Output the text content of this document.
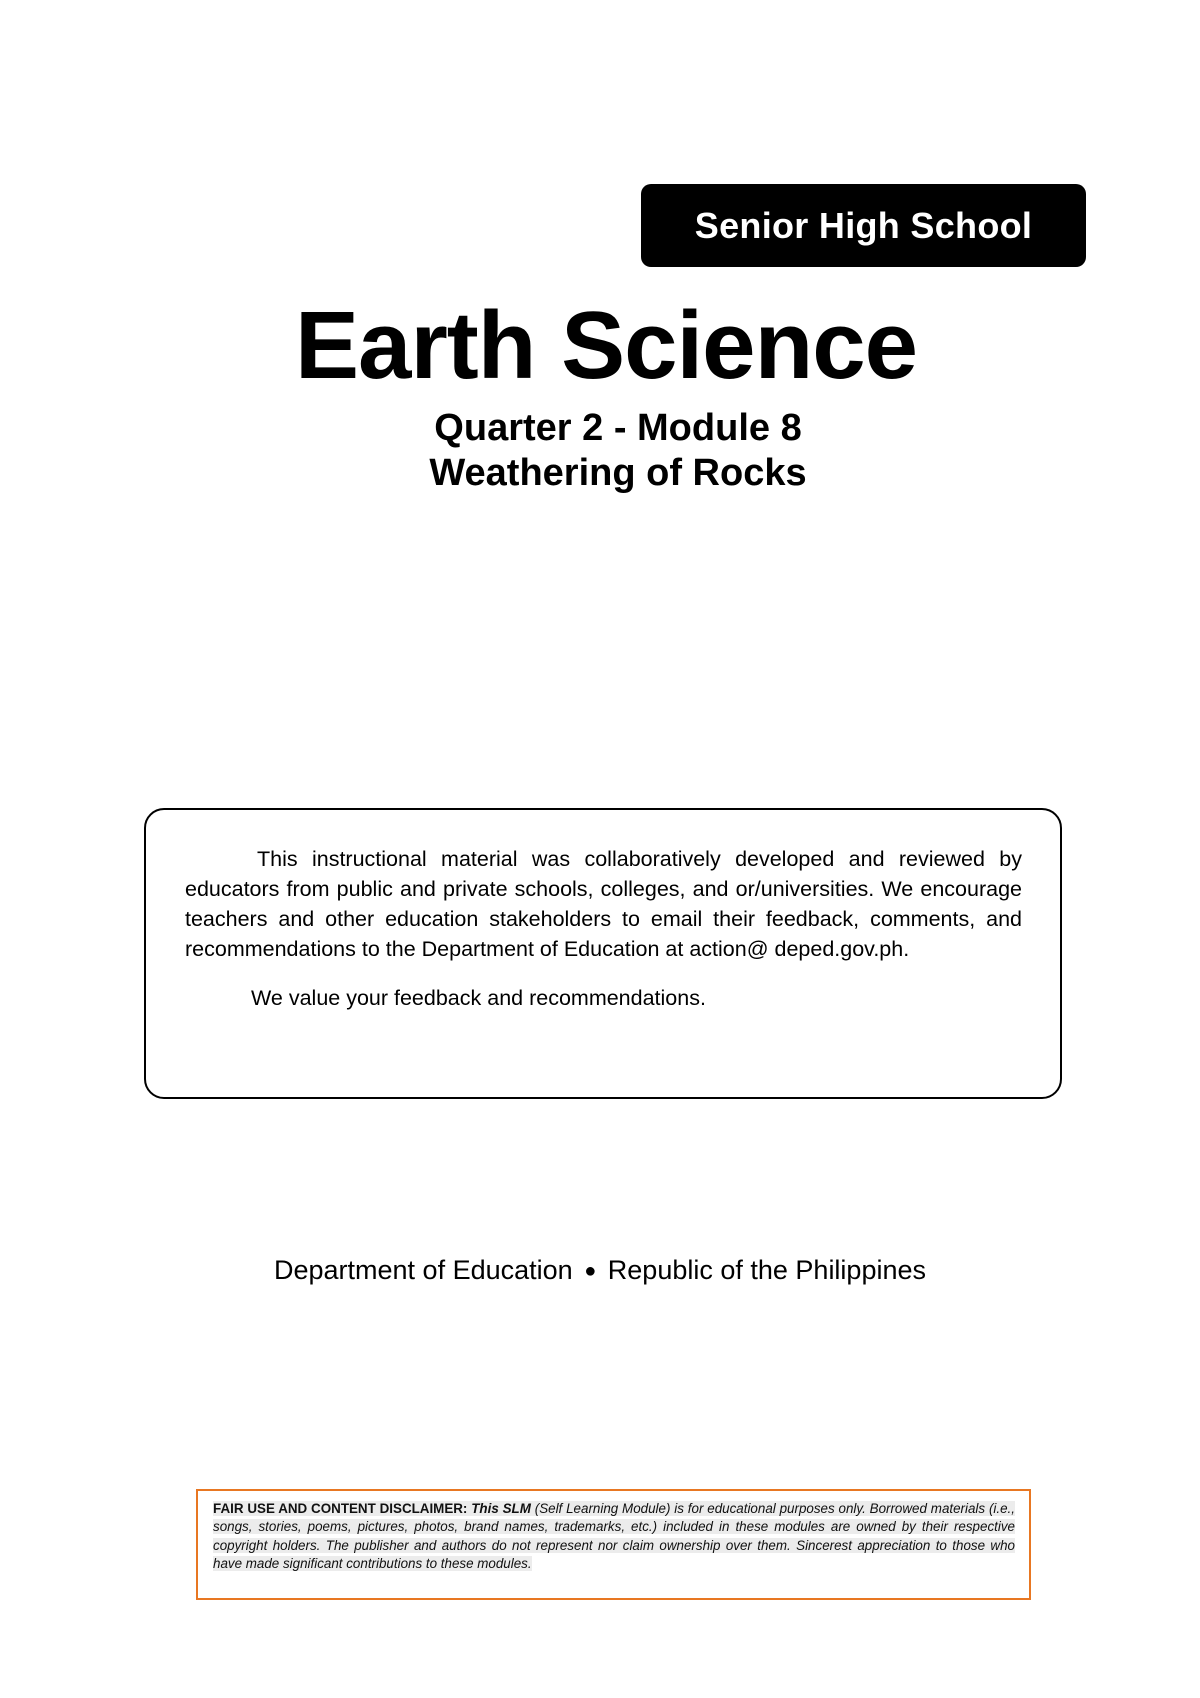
Senior High School
Earth Science
Quarter 2 - Module 8
Weathering of Rocks

This instructional material was collaboratively developed and reviewed by educators from public and private schools, colleges, and or/universities. We encourage teachers and other education stakeholders to email their feedback, comments, and recommendations to the Department of Education at action@ deped.gov.ph.

We value your feedback and recommendations.

Department of Education ● Republic of the Philippines
FAIR USE AND CONTENT DISCLAIMER: This SLM (Self Learning Module) is for educational purposes only. Borrowed materials (i.e., songs, stories, poems, pictures, photos, brand names, trademarks, etc.) included in these modules are owned by their respective copyright holders. The publisher and authors do not represent nor claim ownership over them. Sincerest appreciation to those who have made significant contributions to these modules.
